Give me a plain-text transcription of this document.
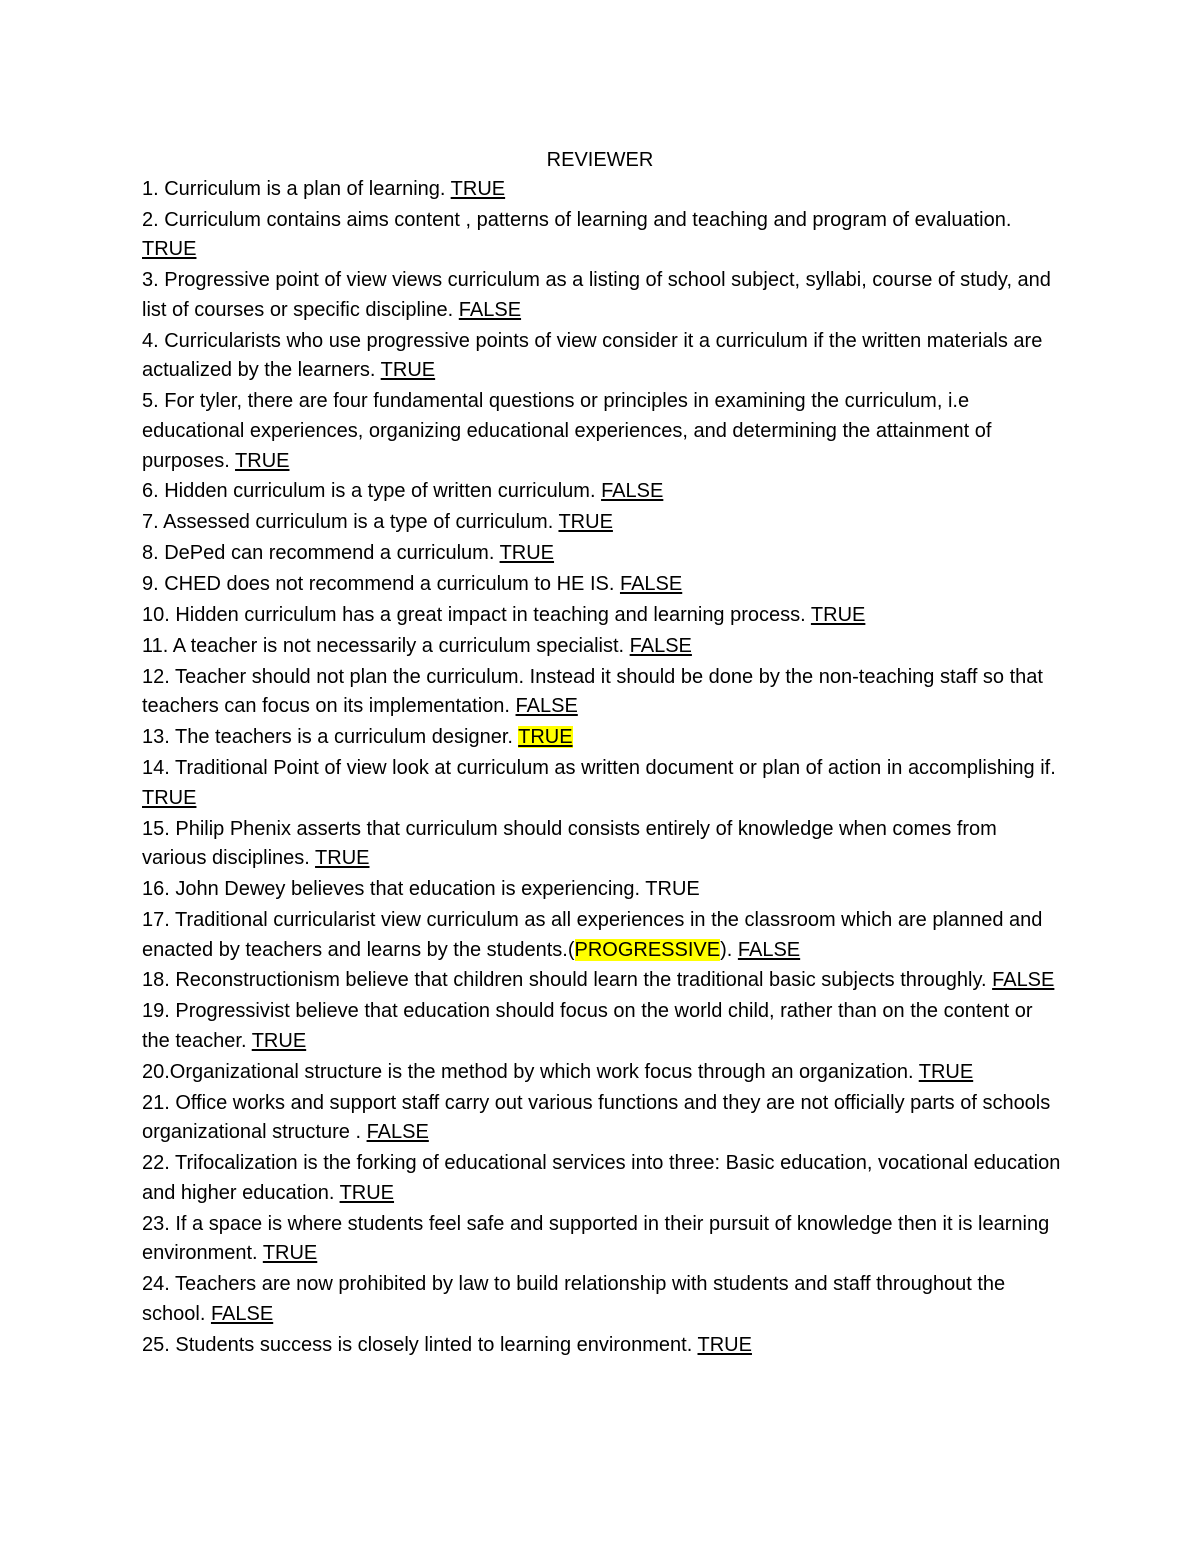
REVIEWER

1. Curriculum is a plan of learning. TRUE

2. Curriculum contains aims content , patterns of learning and teaching and program of evaluation. TRUE

3. Progressive point of view views curriculum as a listing of school subject, syllabi, course of study, and list of courses or specific discipline. FALSE

4. Curricularists who use progressive points of view consider it a curriculum if the written materials are actualized by the learners. TRUE

5. For tyler, there are four fundamental questions or principles in examining the curriculum, i.e educational experiences, organizing educational experiences, and determining the attainment of purposes. TRUE

6. Hidden curriculum is a type of written curriculum. FALSE

7. Assessed curriculum is a type of curriculum. TRUE

8. DePed can recommend a curriculum. TRUE

9. CHED does not recommend a curriculum to HE IS. FALSE

10. Hidden curriculum has a great impact in teaching and learning process. TRUE

11. A teacher is not necessarily a curriculum specialist. FALSE

12. Teacher should not plan the curriculum. Instead it should be done by the non-teaching staff so that teachers can focus on its implementation. FALSE

13. The teachers is a curriculum designer. TRUE

14. Traditional Point of view look at curriculum as written document or plan of action in accomplishing if. TRUE

15. Philip Phenix asserts that curriculum should consists entirely of knowledge when comes from various disciplines. TRUE

16. John Dewey believes that education is experiencing. TRUE

17. Traditional curricularist view curriculum as all experiences in the classroom which are planned and enacted by teachers and learns by the students.(PROGRESSIVE). FALSE

18. Reconstructionism believe that children should learn the traditional basic subjects throughly. FALSE

19. Progressivist believe that education should focus on the world child, rather than on the content or the teacher. TRUE

20.Organizational structure is the method by which work focus through an organization. TRUE

21. Office works and support staff carry out various functions and they are not officially parts of schools organizational structure . FALSE

22. Trifocalization is the forking of educational services into three: Basic education, vocational education and higher education. TRUE

23. If a space is where students feel safe and supported in their pursuit of knowledge then it is learning environment. TRUE

24. Teachers are now prohibited by law to build relationship with students and staff throughout the school. FALSE

25. Students success is closely linted to learning environment. TRUE
